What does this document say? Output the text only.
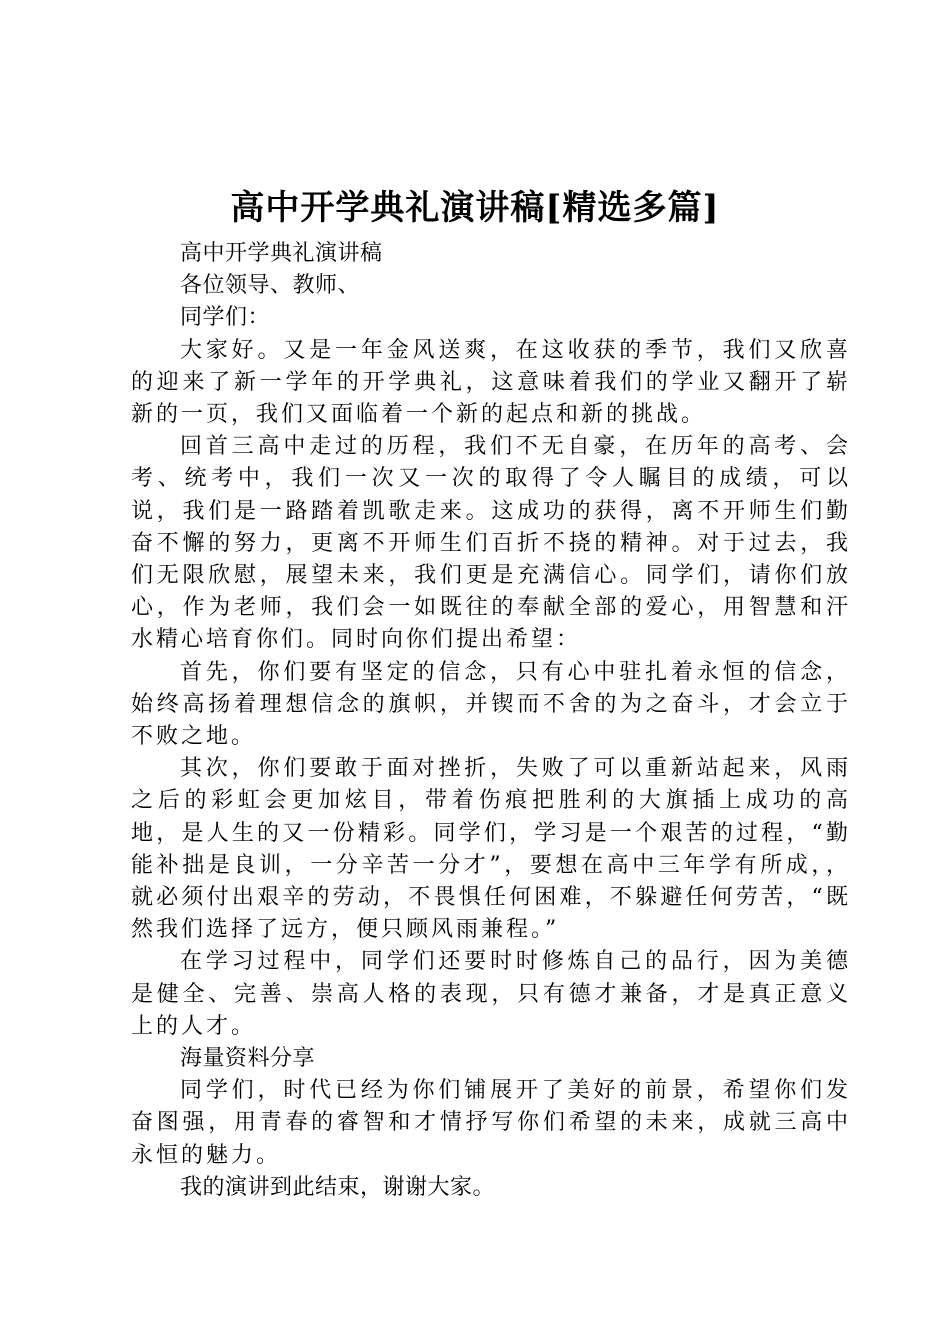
高中开学典礼演讲稿[精选多篇]

高中开学典礼演讲稿

各位领导、教师、

同学们：

大家好。又是一年金风送爽，在这收获的季节，我们又欣喜的迎来了新一学年的开学典礼，这意味着我们的学业又翻开了崭新的一页，我们又面临着一个新的起点和新的挑战。

回首三高中走过的历程，我们不无自豪，在历年的高考、会考、统考中，我们一次又一次的取得了令人瞩目的成绩，可以说，我们是一路踏着凯歌走来。这成功的获得，离不开师生们勤奋不懈的努力，更离不开师生们百折不挠的精神。对于过去，我们无限欣慰，展望未来，我们更是充满信心。同学们，请你们放心，作为老师，我们会一如既往的奉献全部的爱心，用智慧和汗水精心培育你们。同时向你们提出希望：

首先，你们要有坚定的信念，只有心中驻扎着永恒的信念，始终高扬着理想信念的旗帜，并锲而不舍的为之奋斗，才会立于不败之地。

其次，你们要敢于面对挫折，失败了可以重新站起来，风雨之后的彩虹会更加炫目，带着伤痕把胜利的大旗插上成功的高地，是人生的又一份精彩。同学们，学习是一个艰苦的过程，“勤能补拙是良训，一分辛苦一分才”，要想在高中三年学有所成，，就必须付出艰辛的劳动，不畏惧任何困难，不躲避任何劳苦，“既然我们选择了远方，便只顾风雨兼程。”

在学习过程中，同学们还要时时修炼自己的品行，因为美德是健全、完善、崇高人格的表现，只有德才兼备，才是真正意义上的人才。

海量资料分享

同学们，时代已经为你们铺展开了美好的前景，希望你们发奋图强，用青春的睿智和才情抒写你们希望的未来，成就三高中永恒的魅力。

我的演讲到此结束，谢谢大家。
